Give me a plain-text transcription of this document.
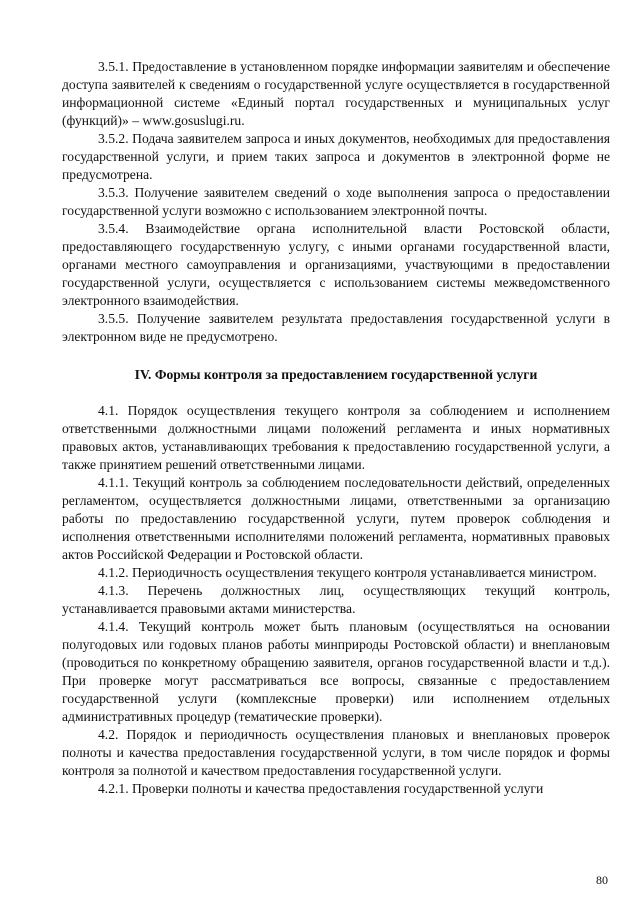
3.5.1. Предоставление в установленном порядке информации заявителям и обеспечение доступа заявителей к сведениям о государственной услуге осуществляется в государственной информационной системе «Единый портал государственных и муниципальных услуг (функций)» – www.gosuslugi.ru.

3.5.2. Подача заявителем запроса и иных документов, необходимых для предоставления государственной услуги, и прием таких запроса и документов в электронной форме не предусмотрена.

3.5.3. Получение заявителем сведений о ходе выполнения запроса о предоставлении государственной услуги возможно с использованием электронной почты.

3.5.4. Взаимодействие органа исполнительной власти Ростовской области, предоставляющего государственную услугу, с иными органами государственной власти, органами местного самоуправления и организациями, участвующими в предоставлении государственной услуги, осуществляется с использованием системы межведомственного электронного взаимодействия.

3.5.5. Получение заявителем результата предоставления государственной услуги в электронном виде не предусмотрено.

IV. Формы контроля за предоставлением государственной услуги

4.1. Порядок осуществления текущего контроля за соблюдением и исполнением ответственными должностными лицами положений регламента и иных нормативных правовых актов, устанавливающих требования к предоставлению государственной услуги, а также принятием решений ответственными лицами.

4.1.1. Текущий контроль за соблюдением последовательности действий, определенных регламентом, осуществляется должностными лицами, ответственными за организацию работы по предоставлению государственной услуги, путем проверок соблюдения и исполнения ответственными исполнителями положений регламента, нормативных правовых актов Российской Федерации и Ростовской области.

4.1.2. Периодичность осуществления текущего контроля устанавливается министром.

4.1.3. Перечень должностных лиц, осуществляющих текущий контроль, устанавливается правовыми актами министерства.

4.1.4. Текущий контроль может быть плановым (осуществляться на основании полугодовых или годовых планов работы минприроды Ростовской области) и внеплановым (проводиться по конкретному обращению заявителя, органов государственной власти и т.д.). При проверке могут рассматриваться все вопросы, связанные с предоставлением государственной услуги (комплексные проверки) или исполнением отдельных административных процедур (тематические проверки).

4.2. Порядок и периодичность осуществления плановых и внеплановых проверок полноты и качества предоставления государственной услуги, в том числе порядок и формы контроля за полнотой и качеством предоставления государственной услуги.

4.2.1. Проверки полноты и качества предоставления государственной услуги

80
